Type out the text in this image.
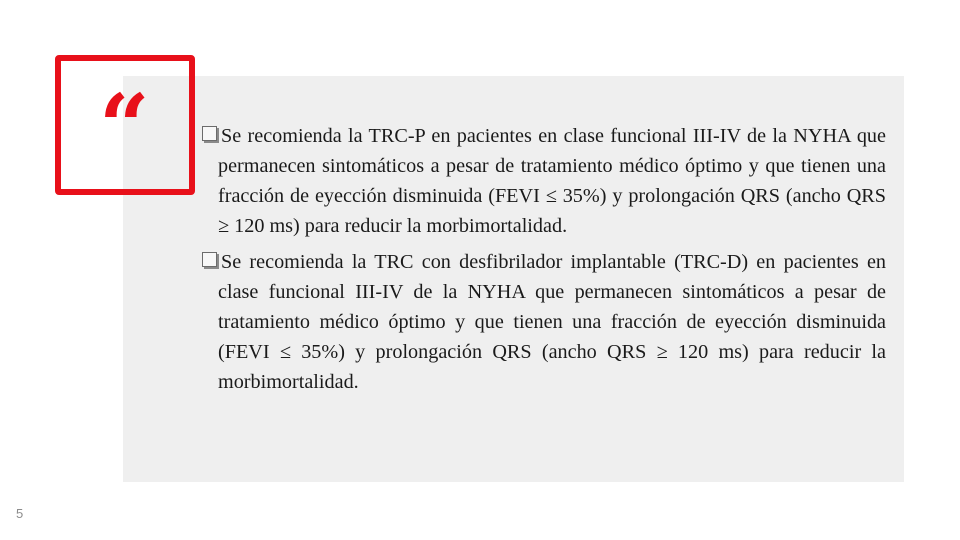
“	Se recomienda la TRC-P en pacientes en clase funcional III-IV de la NYHA que permanecen sintomáticos a pesar de tratamiento médico óptimo y que tienen una fracción de eyección disminuida (FEVI ≤ 35%) y prolongación QRS (ancho QRS ≥ 120 ms) para reducir la morbimortalidad.

Se recomienda la TRC con desfibrilador implantable (TRC-D) en pacientes en clase funcional III-IV de la NYHA que permanecen sintomáticos a pesar de tratamiento médico óptimo y que tienen una fracción de eyección disminuida (FEVI ≤ 35%) y prolongación QRS (ancho QRS ≥ 120 ms) para reducir la morbimortalidad.

5
